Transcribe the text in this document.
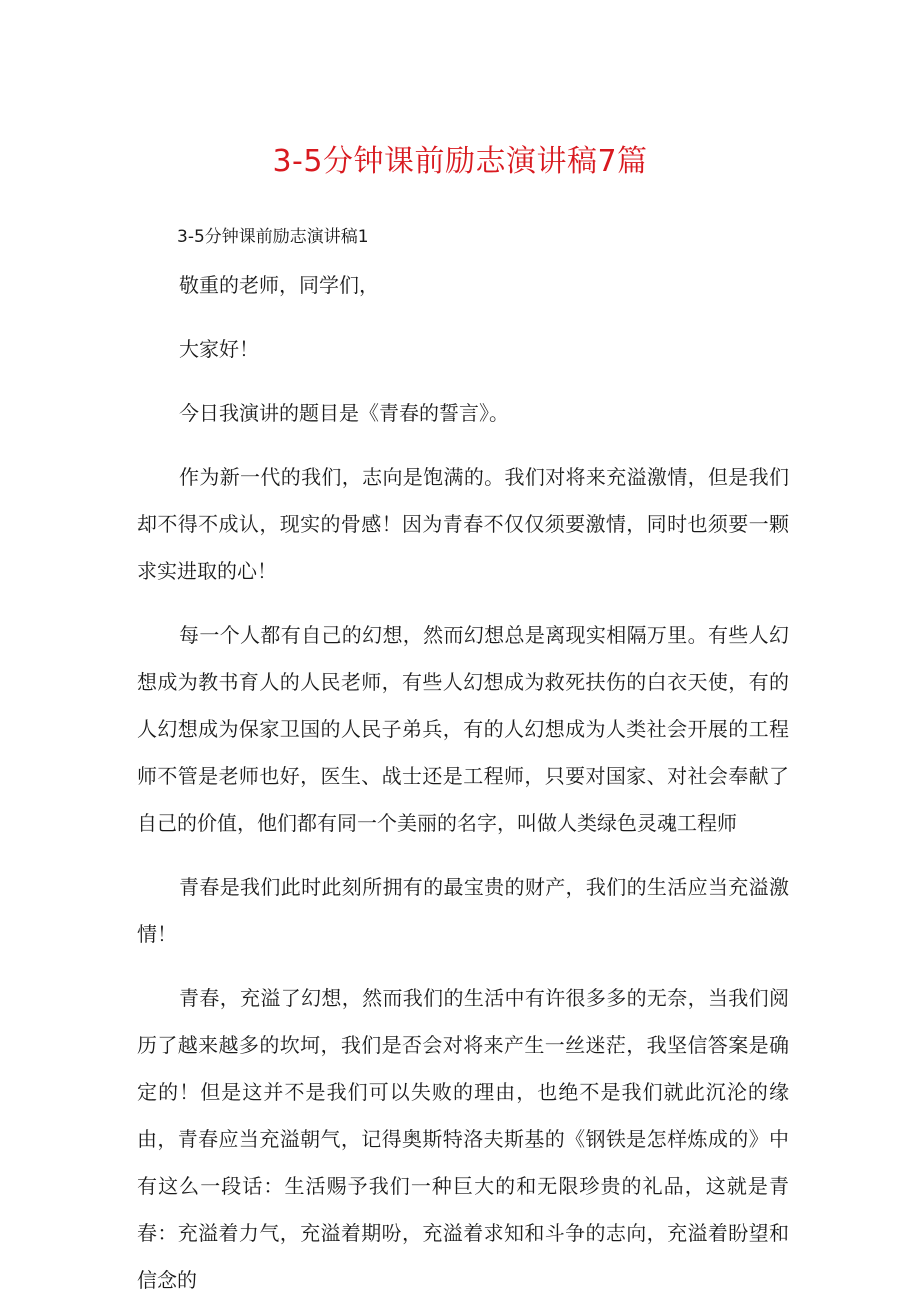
3-5分钟课前励志演讲稿7篇
3-5分钟课前励志演讲稿1

敬重的老师，同学们，

大家好！

今日我演讲的题目是《青春的誓言》。

作为新一代的我们，志向是饱满的。我们对将来充溢激情，但是我们却不得不成认，现实的骨感！因为青春不仅仅须要激情，同时也须要一颗求实进取的心！

每一个人都有自己的幻想，然而幻想总是离现实相隔万里。有些人幻想成为教书育人的人民老师，有些人幻想成为救死扶伤的白衣天使，有的人幻想成为保家卫国的人民子弟兵，有的人幻想成为人类社会开展的工程师不管是老师也好，医生、战士还是工程师，只要对国家、对社会奉献了自己的价值，他们都有同一个美丽的名字，叫做人类绿色灵魂工程师

青春是我们此时此刻所拥有的最宝贵的财产，我们的生活应当充溢激情！

青春，充溢了幻想，然而我们的生活中有许很多多的无奈，当我们阅历了越来越多的坎坷，我们是否会对将来产生一丝迷茫，我坚信答案是确定的！但是这并不是我们可以失败的理由，也绝不是我们就此沉沦的缘由，青春应当充溢朝气，记得奥斯特洛夫斯基的《钢铁是怎样炼成的》中有这么一段话：生活赐予我们一种巨大的和无限珍贵的礼品，这就是青春：充溢着力气，充溢着期吩，充溢着求知和斗争的志向，充溢着盼望和信念的
